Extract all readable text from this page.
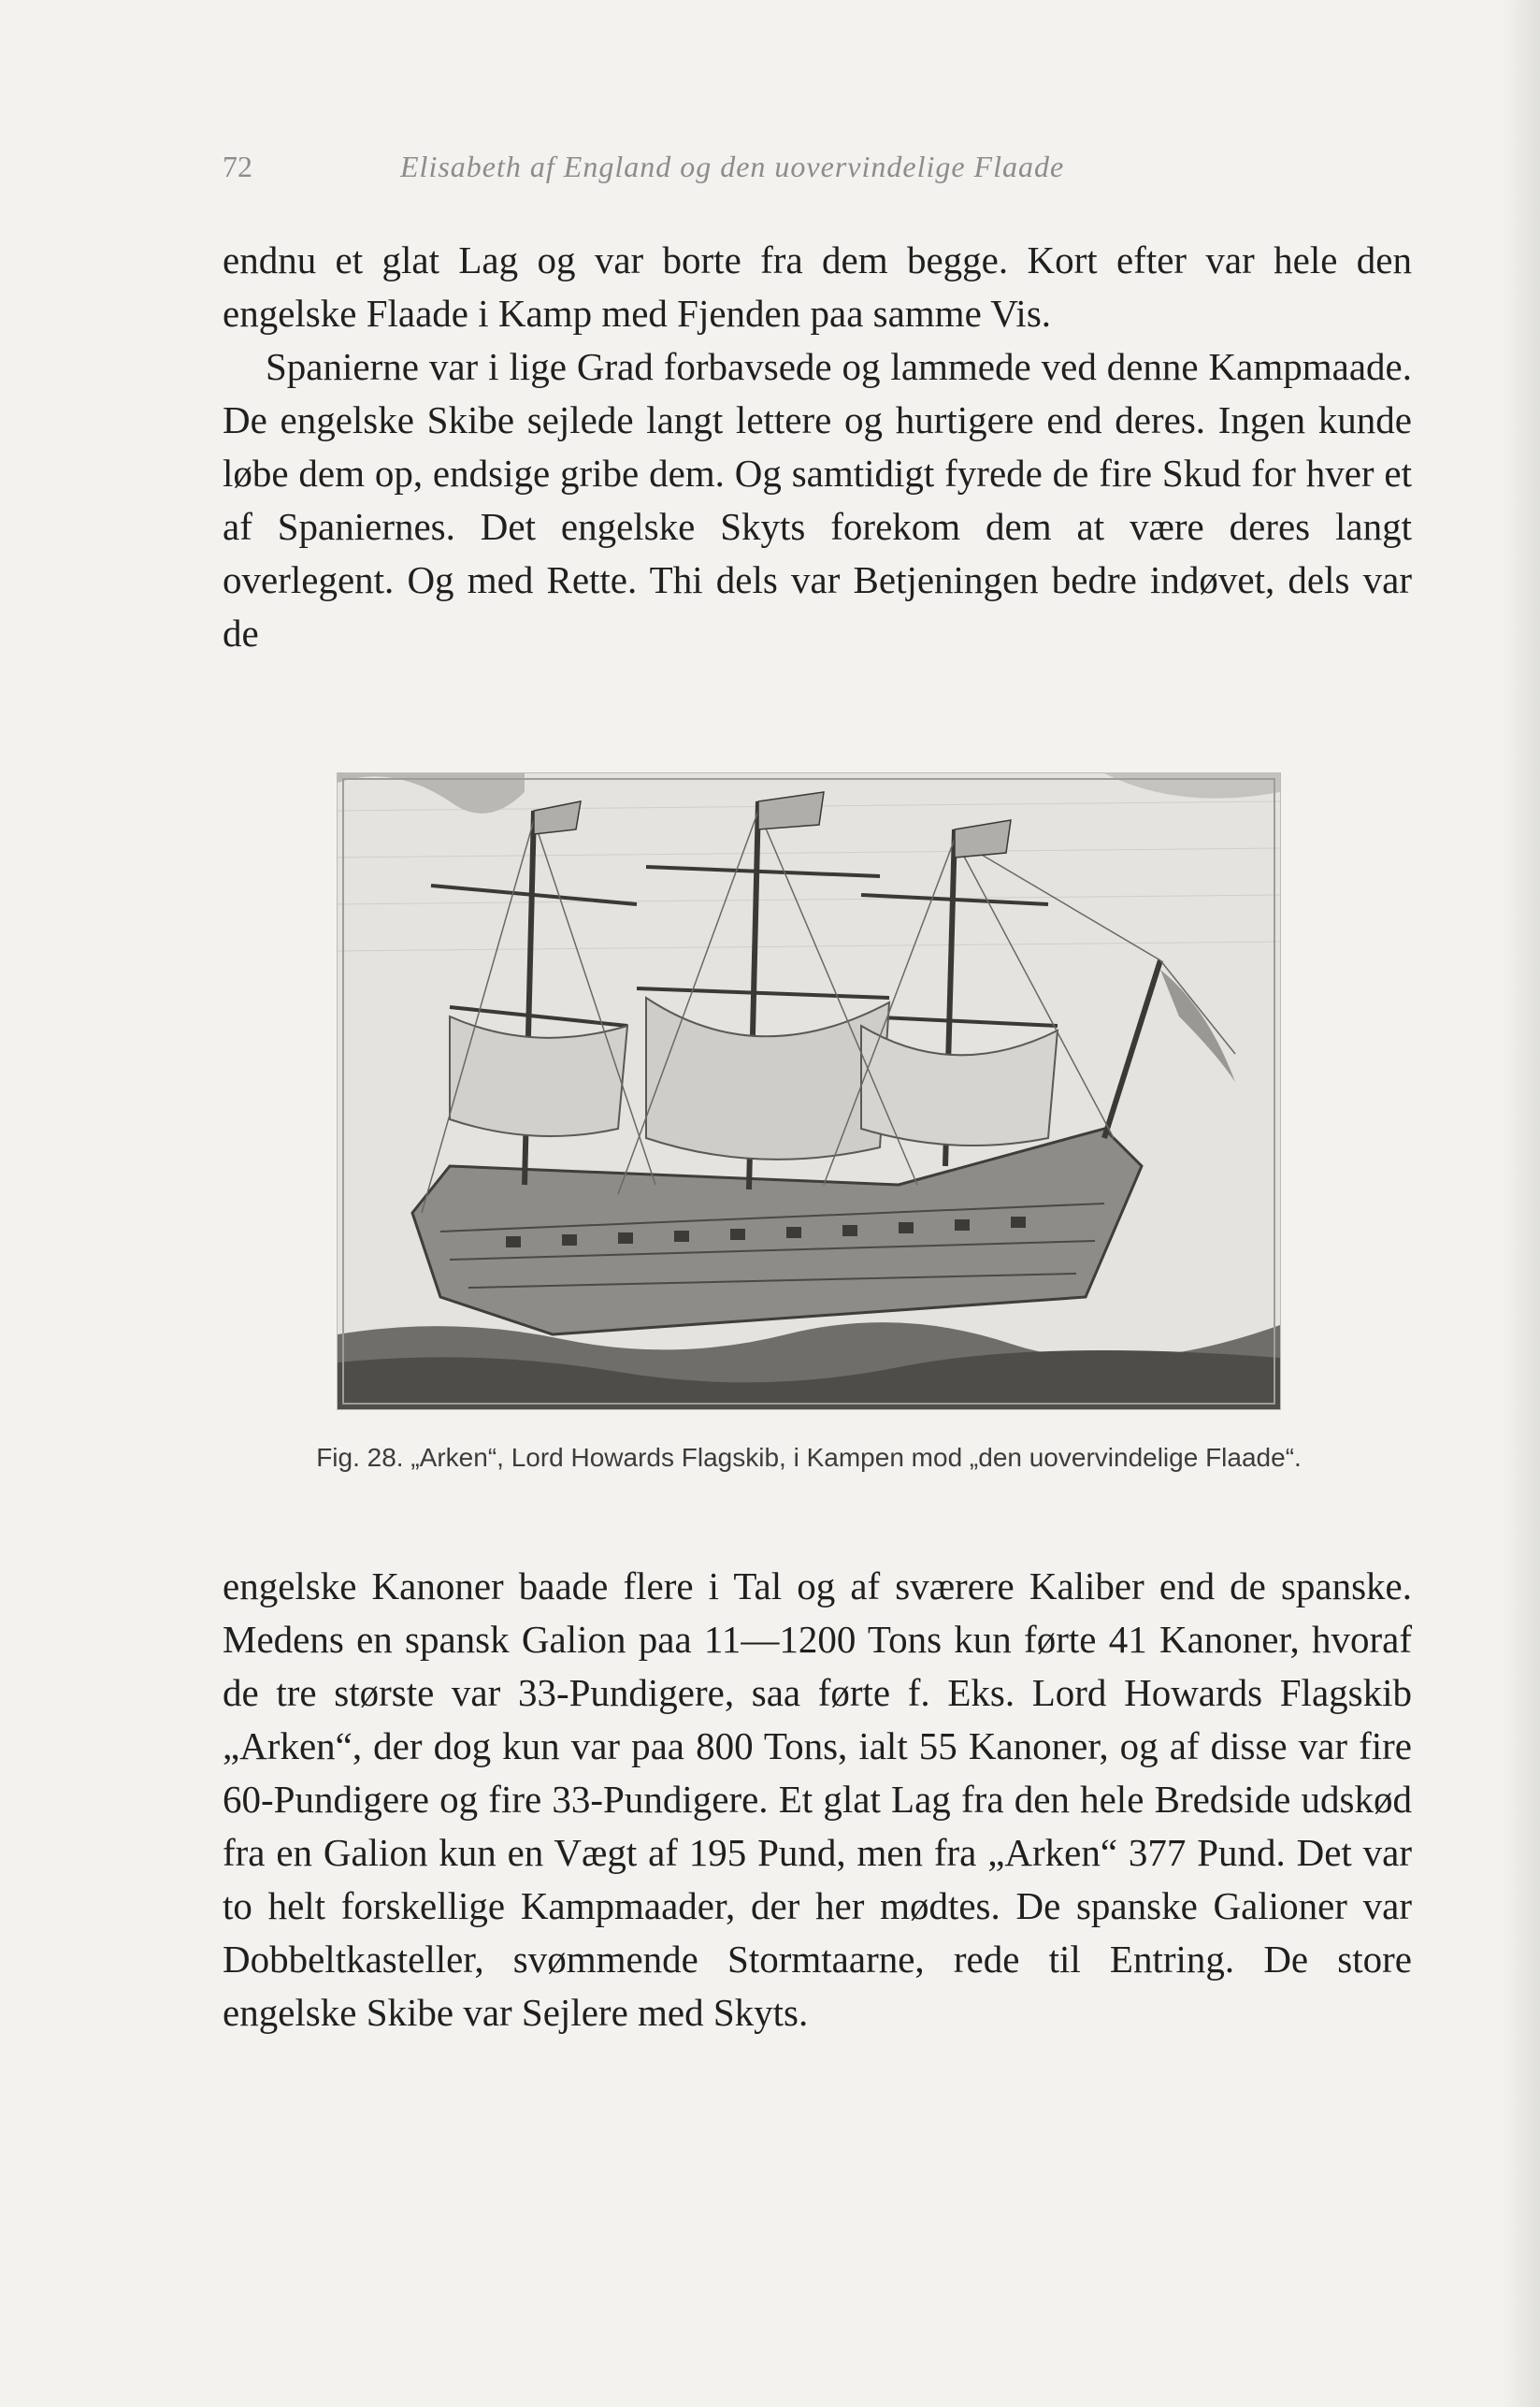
72	Elisabeth af England og den uovervindelige Flaade

endnu et glat Lag og var borte fra dem begge. Kort efter var hele den engelske Flaade i Kamp med Fjenden paa samme Vis.

Spanierne var i lige Grad forbavsede og lammede ved denne Kampmaade. De engelske Skibe sejlede langt lettere og hurtigere end deres. Ingen kunde løbe dem op, endsige gribe dem. Og samtidigt fyrede de fire Skud for hver et af Spaniernes. Det engelske Skyts forekom dem at være deres langt overlegent. Og med Rette. Thi dels var Betjeningen bedre indøvet, dels var de

Fig. 28. „Arken“, Lord Howards Flagskib, i Kampen mod „den uovervindelige Flaade“.

engelske Kanoner baade flere i Tal og af sværere Kaliber end de spanske. Medens en spansk Galion paa 11—1200 Tons kun førte 41 Kanoner, hvoraf de tre største var 33-Pundigere, saa førte f. Eks. Lord Howards Flagskib „Arken“, der dog kun var paa 800 Tons, ialt 55 Kanoner, og af disse var fire 60-Pundigere og fire 33-Pundigere. Et glat Lag fra den hele Bredside udskød fra en Galion kun en Vægt af 195 Pund, men fra „Arken“ 377 Pund. Det var to helt forskellige Kampmaader, der her mødtes. De spanske Galioner var Dobbeltkasteller, svømmende Stormtaarne, rede til Entring. De store engelske Skibe var Sejlere med Skyts.
